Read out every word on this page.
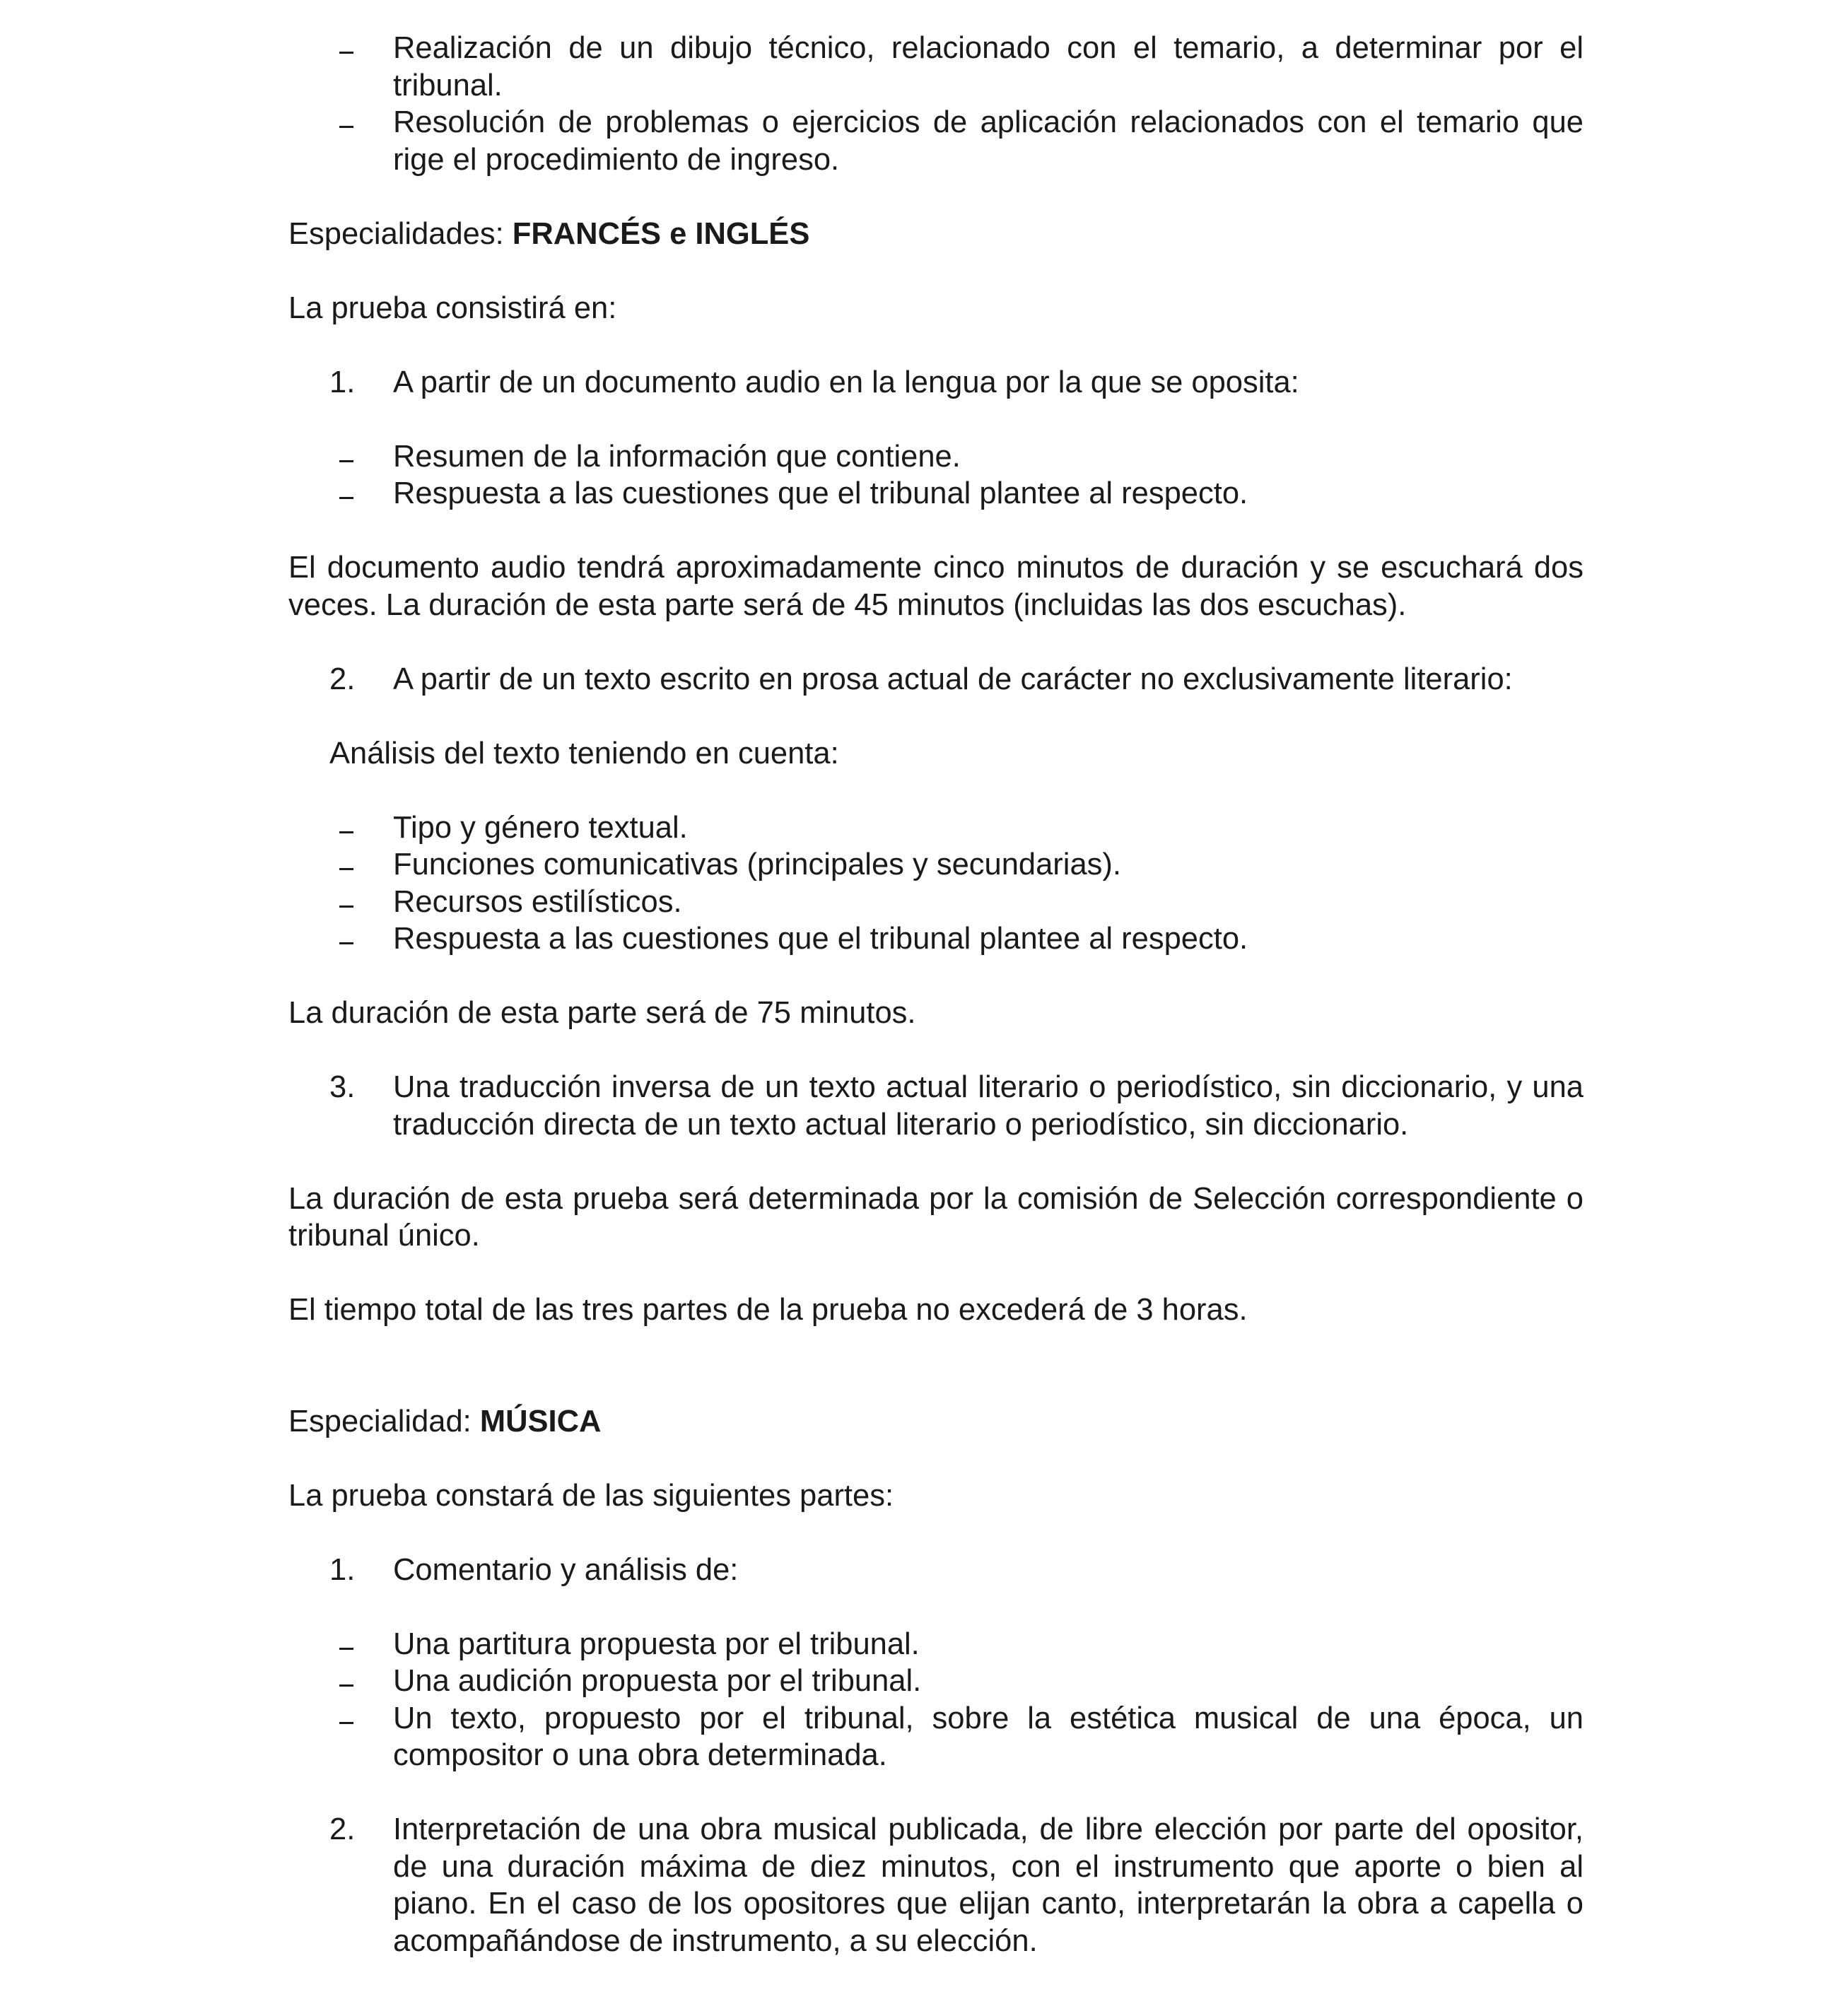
Realización de un dibujo técnico, relacionado con el temario, a determinar por el tribunal.
Resolución de problemas o ejercicios de aplicación relacionados con el temario que rige el procedimiento de ingreso.

Especialidades: FRANCÉS e INGLÉS

La prueba consistirá en:

1.	A partir de un documento audio en la lengua por la que se oposita:
Resumen de la información que contiene.
Respuesta a las cuestiones que el tribunal plantee al respecto.

El documento audio tendrá aproximadamente cinco minutos de duración y se escuchará dos veces. La duración de esta parte será de 45 minutos (incluidas las dos escuchas).

2.	A partir de un texto escrito en prosa actual de carácter no exclusivamente literario:

Análisis del texto teniendo en cuenta:

Tipo y género textual.
Funciones comunicativas (principales y secundarias).
Recursos estilísticos.
Respuesta a las cuestiones que el tribunal plantee al respecto.

La duración de esta parte será de 75 minutos.

3.	Una traducción inversa de un texto actual literario o periodístico, sin diccionario, y una traducción directa de un texto actual literario o periodístico, sin diccionario.

La duración de esta prueba será determinada por la comisión de Selección correspondiente o tribunal único.

El tiempo total de las tres partes de la prueba no excederá de 3 horas.

Especialidad: MÚSICA

La prueba constará de las siguientes partes:

1.	Comentario y análisis de:
Una partitura propuesta por el tribunal.
Una audición propuesta por el tribunal.
Un texto, propuesto por el tribunal, sobre la estética musical de una época, un compositor o una obra determinada.
2.	Interpretación de una obra musical publicada, de libre elección por parte del opositor, de una duración máxima de diez minutos, con el instrumento que aporte o bien al piano. En el caso de los opositores que elijan canto, interpretarán la obra a capella o acompañándose de instrumento, a su elección.
